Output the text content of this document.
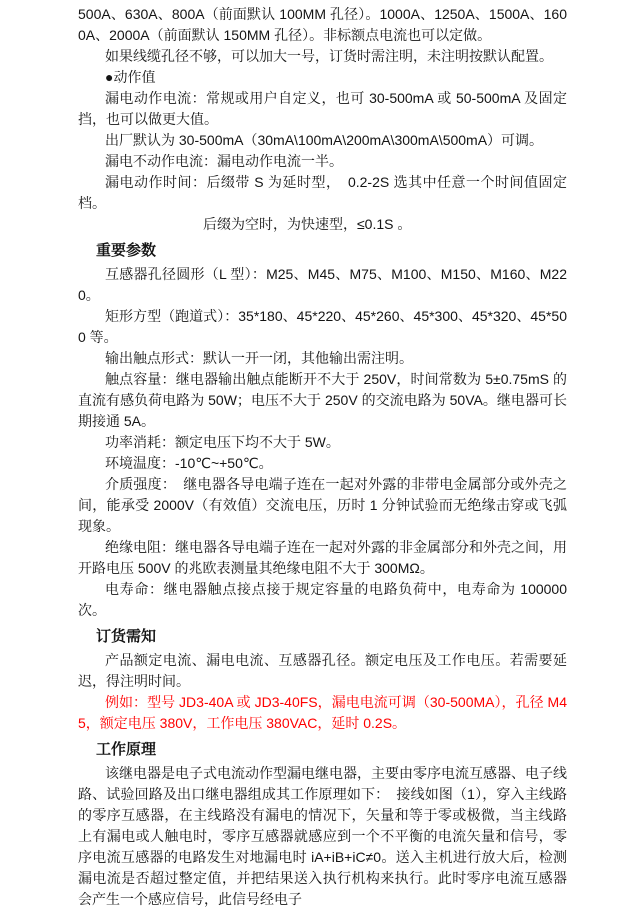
500A、630A、800A（前面默认 100MM 孔径）。1000A、1250A、1500A、1600A、2000A（前面默认 150MM 孔径）。非标额点电流也可以定做。

如果线缆孔径不够，可以加大一号，订货时需注明，未注明按默认配置。

●动作值

漏电动作电流：常规或用户自定义，也可 30-500mA 或 50-500mA 及固定挡，也可以做更大值。

出厂默认为 30-500mA（30mA\100mA\200mA\300mA\500mA）可调。

漏电不动作电流：漏电动作电流一半。

漏电动作时间：后缀带 S 为延时型，　0.2-2S 选其中任意一个时间值固定档。

后缀为空时，为快速型，≤0.1S 。

重要参数

互感器孔径圆形（L 型）：M25、M45、M75、M100、M150、M160、M220。

矩形方型（跑道式）：35*180、45*220、45*260、45*300、45*320、45*500 等。

输出触点形式：默认一开一闭，其他输出需注明。

触点容量：继电器输出触点能断开不大于 250V，时间常数为 5±0.75mS 的直流有感负荷电路为 50W；电压不大于 250V 的交流电路为 50VA。继电器可长期接通 5A。

功率消耗：额定电压下均不大于 5W。

环境温度：-10℃~+50℃。

介质强度：　继电器各导电端子连在一起对外露的非带电金属部分或外壳之间，能承受 2000V（有效值）交流电压，历时 1 分钟试验而无绝缘击穿或飞弧现象。

绝缘电阻：继电器各导电端子连在一起对外露的非金属部分和外壳之间，用开路电压 500V 的兆欧表测量其绝缘电阻不大于 300MΩ。

电寿命：继电器触点接点接于规定容量的电路负荷中，电寿命为 100000 次。

订货需知

产品额定电流、漏电电流、互感器孔径。额定电压及工作电压。若需要延迟，得注明时间。

例如：型号 JD3-40A 或 JD3-40FS，漏电电流可调（30-500MA），孔径 M45，额定电压 380V，工作电压 380VAC，延时 0.2S。

工作原理

该继电器是电子式电流动作型漏电继电器，主要由零序电流互感器、电子线路、试验回路及出口继电器组成其工作原理如下：　接线如图（1），穿入主线路的零序互感器，在主线路没有漏电的情况下，矢量和等于零或极微，当主线路上有漏电或人触电时，零序互感器就感应到一个不平衡的电流矢量和信号，零序电流互感器的电路发生对地漏电时 iA+iB+iC≠0。送入主机进行放大后，检测漏电流是否超过整定值，并把结果送入执行机构来执行。此时零序电流互感器会产生一个感应信号，此信号经电子
